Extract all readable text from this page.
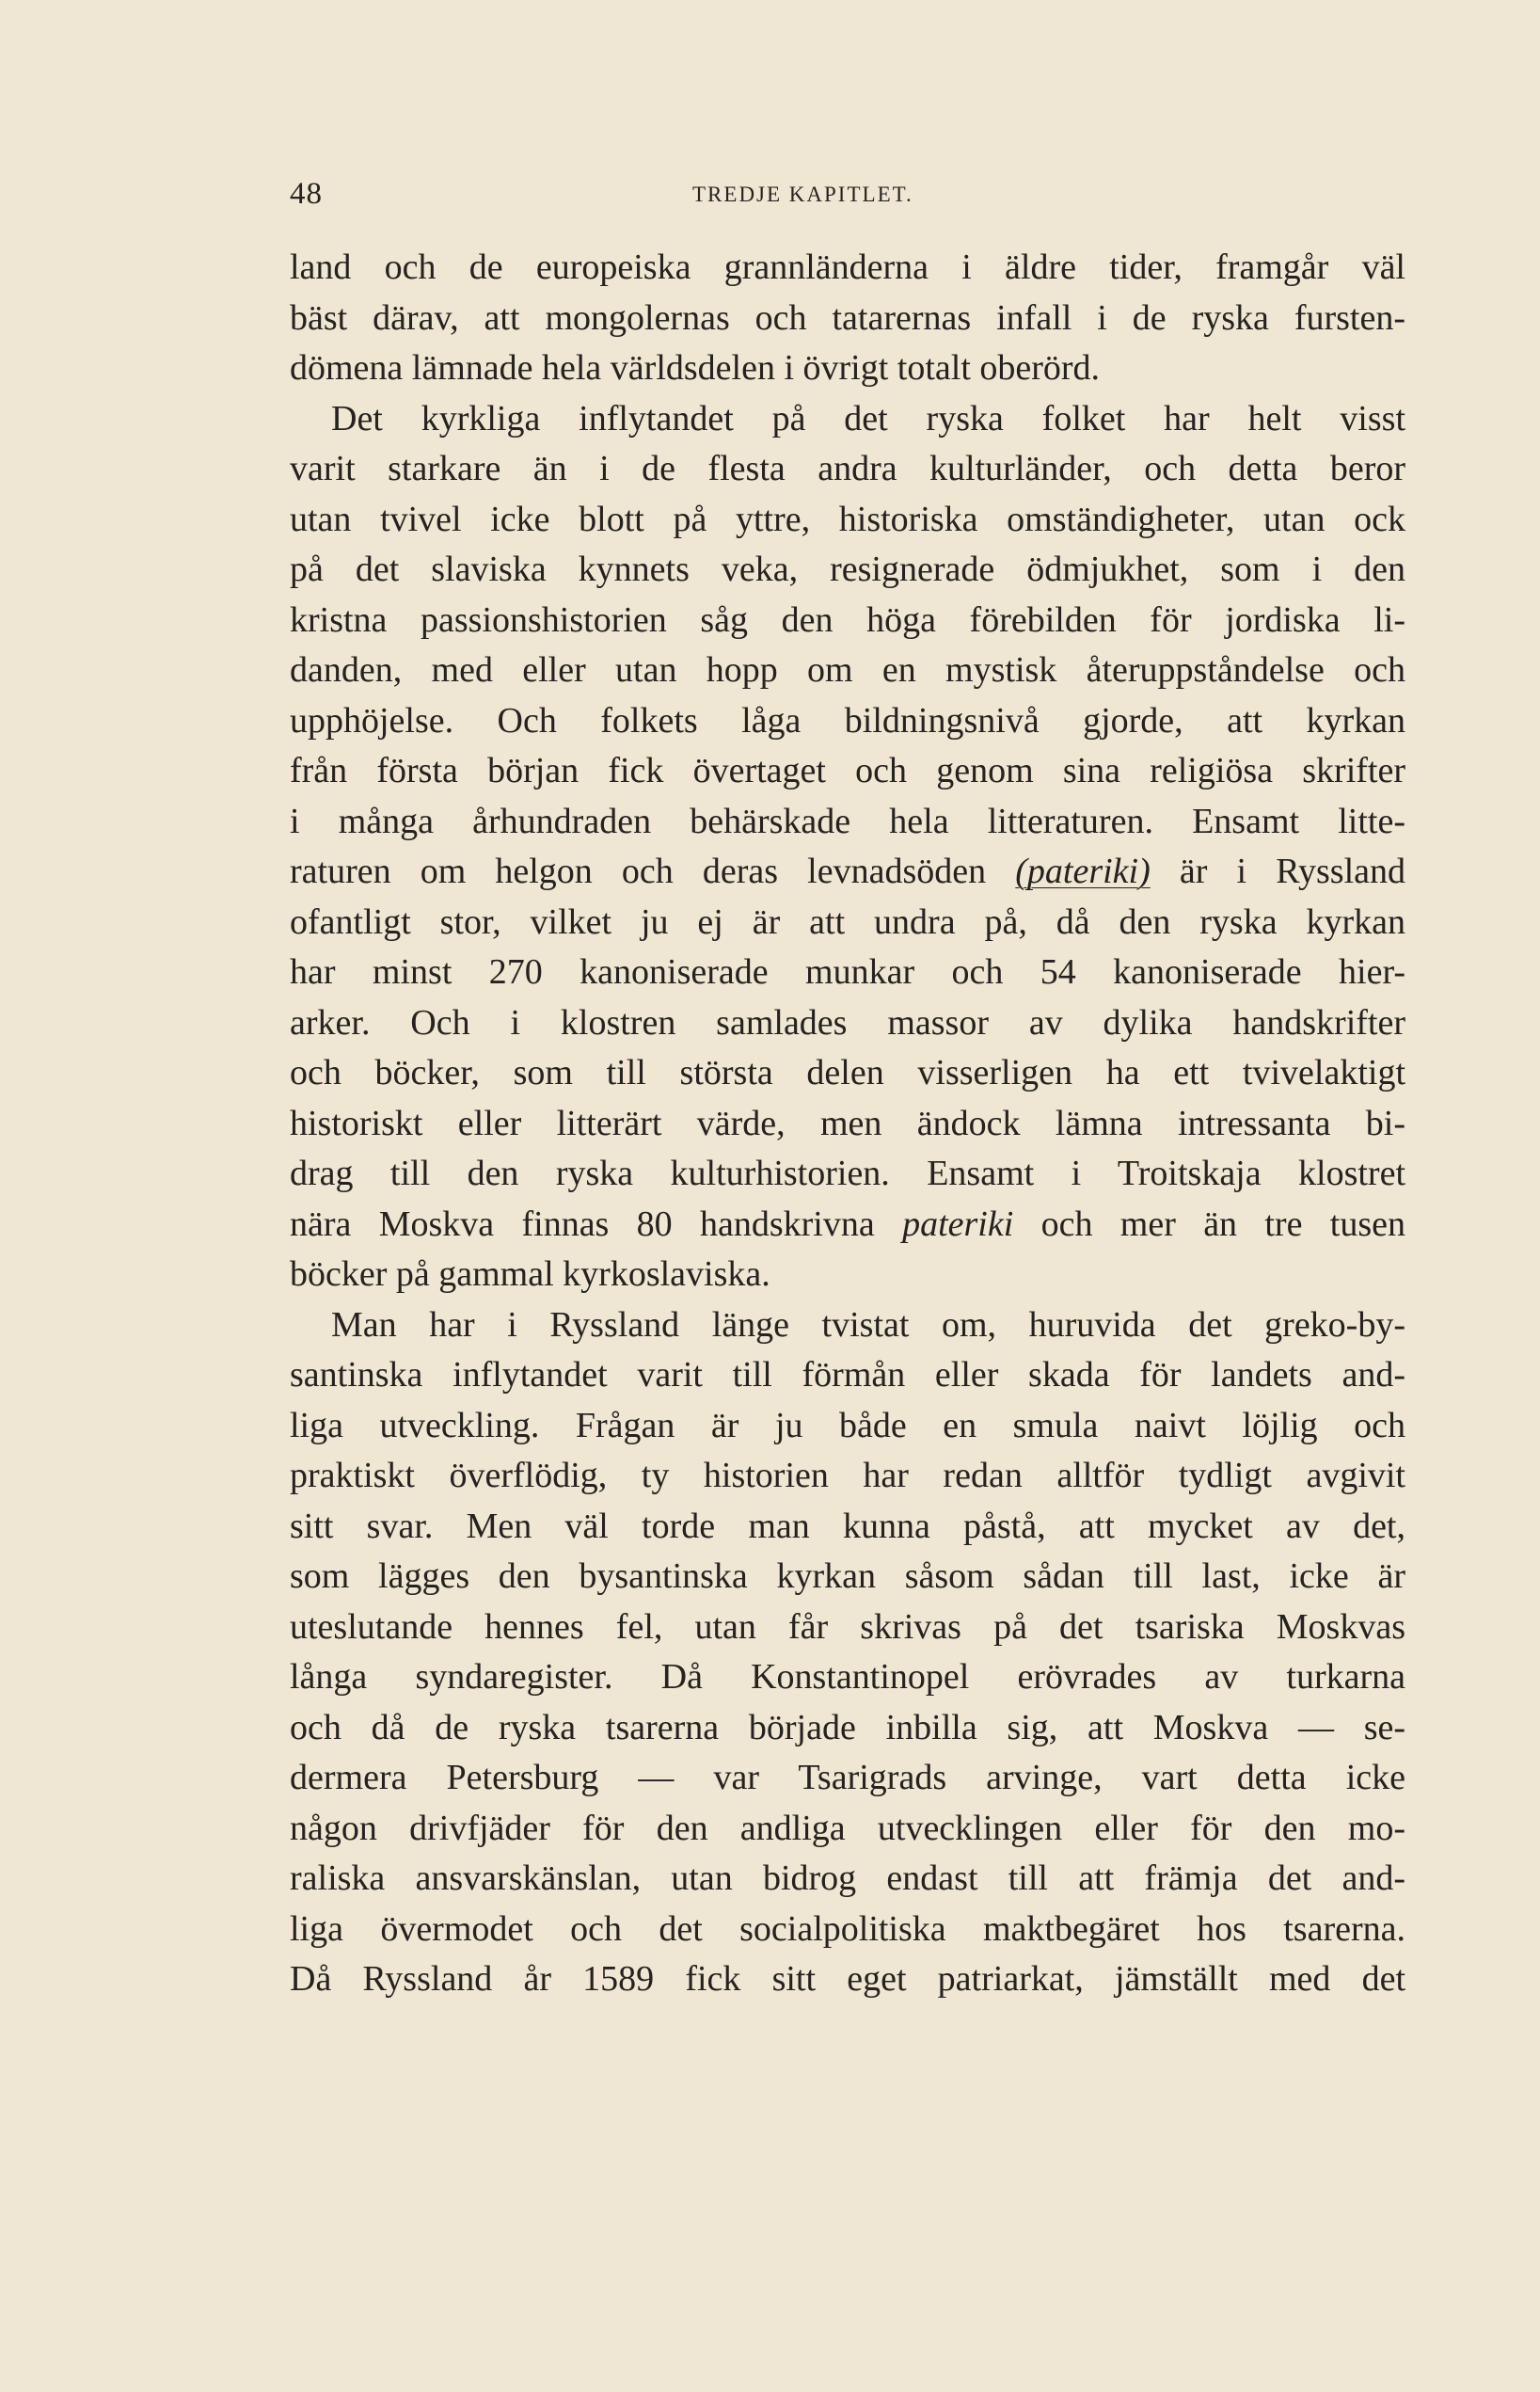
48	TREDJE KAPITLET.
land och de europeiska grannländerna i äldre tider, framgår väl
bäst därav, att mongolernas och tatarernas infall i de ryska fursten-
dömena lämnade hela världsdelen i övrigt totalt oberörd.
Det kyrkliga inflytandet på det ryska folket har helt visst
varit starkare än i de flesta andra kulturländer, och detta beror
utan tvivel icke blott på yttre, historiska omständigheter, utan ock
på det slaviska kynnets veka, resignerade ödmjukhet, som i den
kristna passionshistorien såg den höga förebilden för jordiska li-
danden, med eller utan hopp om en mystisk återuppståndelse och
upphöjelse. Och folkets låga bildningsnivå gjorde, att kyrkan
från första början fick övertaget och genom sina religiösa skrifter
i många århundraden behärskade hela litteraturen. Ensamt litte-
raturen om helgon och deras levnadsöden (pateriki) är i Ryssland
ofantligt stor, vilket ju ej är att undra på, då den ryska kyrkan
har minst 270 kanoniserade munkar och 54 kanoniserade hier-
arker. Och i klostren samlades massor av dylika handskrifter
och böcker, som till största delen visserligen ha ett tvivelaktigt
historiskt eller litterärt värde, men ändock lämna intressanta bi-
drag till den ryska kulturhistorien. Ensamt i Troitskaja klostret
nära Moskva finnas 80 handskrivna pateriki och mer än tre tusen
böcker på gammal kyrkoslaviska.
Man har i Ryssland länge tvistat om, huruvida det greko-by-
santinska inflytandet varit till förmån eller skada för landets and-
liga utveckling. Frågan är ju både en smula naivt löjlig och
praktiskt överflödig, ty historien har redan alltför tydligt avgivit
sitt svar. Men väl torde man kunna påstå, att mycket av det,
som lägges den bysantinska kyrkan såsom sådan till last, icke är
uteslutande hennes fel, utan får skrivas på det tsariska Moskvas
långa syndaregister. Då Konstantinopel erövrades av turkarna
och då de ryska tsarerna började inbilla sig, att Moskva — se-
dermera Petersburg — var Tsarigrads arvinge, vart detta icke
någon drivfjäder för den andliga utvecklingen eller för den mo-
raliska ansvarskänslan, utan bidrog endast till att främja det and-
liga övermodet och det socialpolitiska maktbegäret hos tsarerna.
Då Ryssland år 1589 fick sitt eget patriarkat, jämställt med det
